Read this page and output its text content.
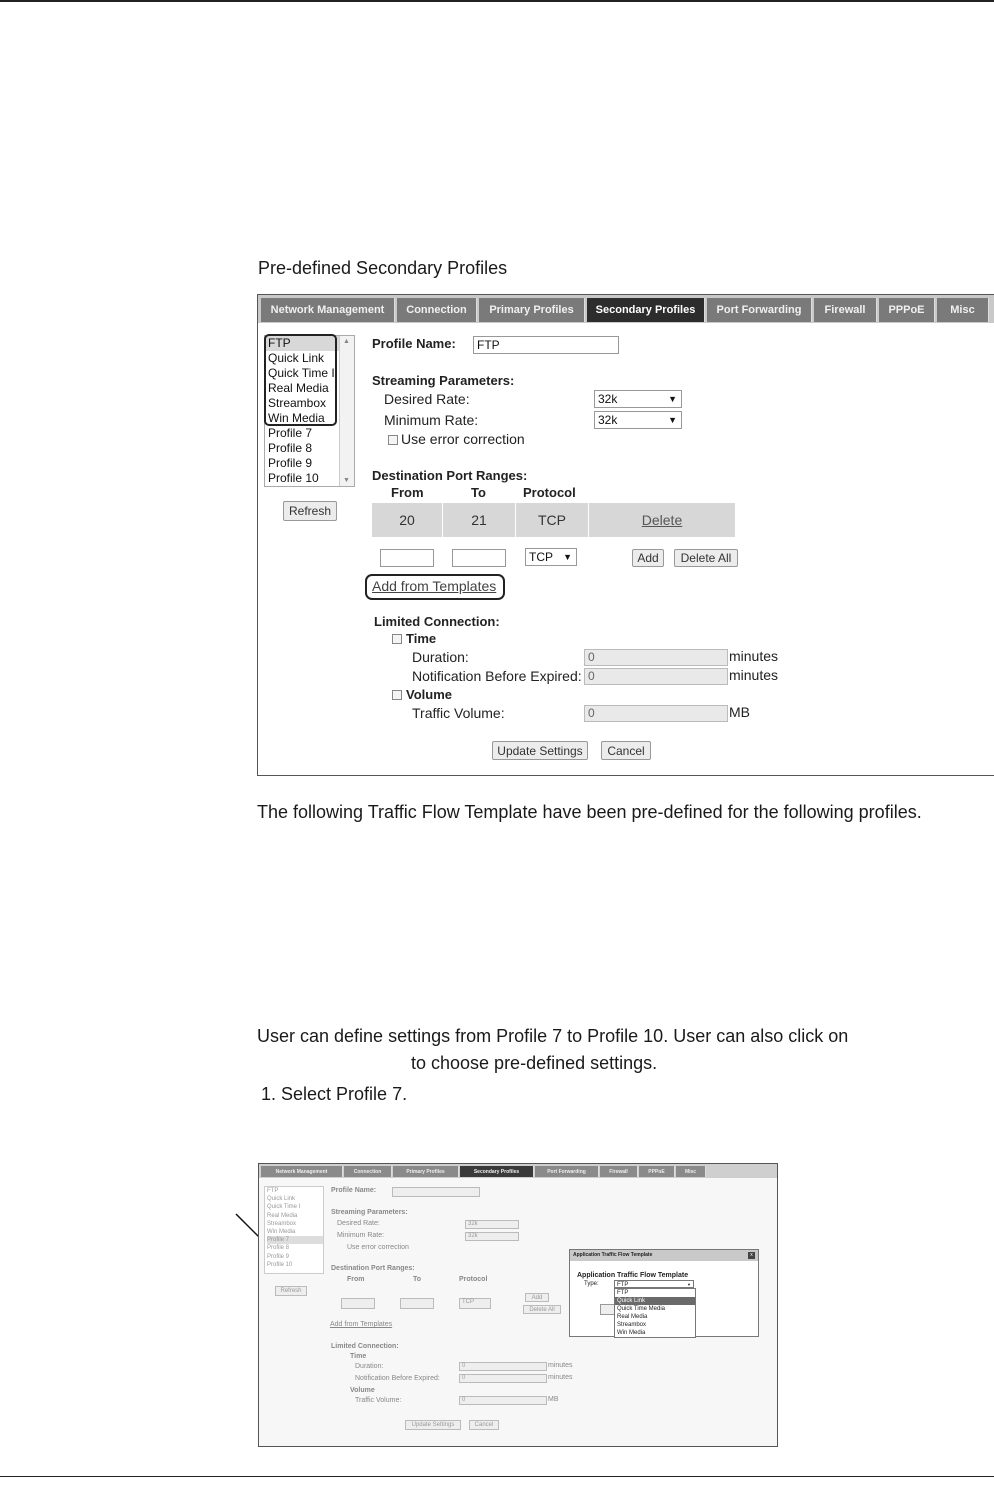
Pre-defined Secondary Profiles
Network Management	Connection	Primary Profiles	Secondary Profiles	Port Forwarding	Firewall	PPPoE	Misc
FTP
Quick Link
Quick Time I
Real Media
Streambox
Win Media
Profile 7
Profile 8
Profile 9
Profile 10
▲
▼
Refresh
Profile Name:	FTP
Streaming Parameters:
Desired Rate:	32k	▼
Minimum Rate:	32k	▼
Use error correction
Destination Port Ranges:
From	To	Protocol
20	21	TCP	Delete
TCP ▼	Add	Delete All
Add from Templates
Limited Connection:
Time
Duration:	0	minutes
Notification Before Expired: 0	minutes
Volume
Traffic Volume:	0	MB
Update Settings	Cancel
The following Traffic Flow Template have been pre-defined for the following profiles.
User can define settings from Profile 7 to Profile 10. User can also click on
to choose pre-defined settings.
1. Select Profile 7.
Network Management	Connection	Primary Profiles	Secondary Profiles	Port Forwarding	Firewall	PPPoE	Misc
FTP
Quick Link
Quick Time I
Real Media
Streambox
Win Media
Profile 7
Profile 8
Profile 9
Profile 10
Refresh
Profile Name:
Streaming Parameters:
Desired Rate:	32k
Minimum Rate:	32k
Use error correction
Destination Port Ranges:
From	To	Protocol
TCP
Add
Delete All
Add from Templates
Limited Connection:
Time
Duration:	0	minutes
Notification Before Expired:	0	minutes
Volume
Traffic Volume:	0	MB
Update Settings	Cancel
Application Traffic Flow Template	x
Application Traffic Flow Template
Type:	FTP	▼
FTP
Quick Link
Quick Time Media
Real Media
Streambox
Win Media
